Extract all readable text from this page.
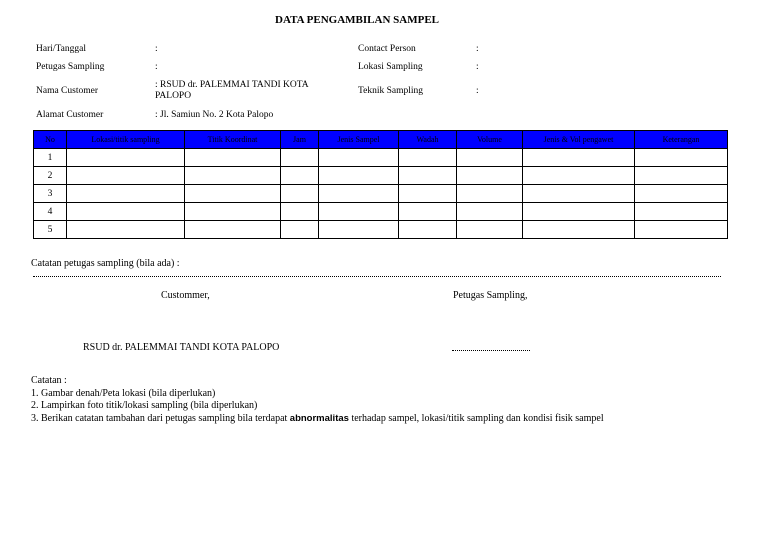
DATA PENGAMBILAN SAMPEL
Hari/Tanggal	:
Petugas Sampling	:
Nama Customer
: RSUD dr. PALEMMAI TANDI KOTA PALOPO
Alamat Customer	: Jl. Samiun No. 2 Kota Palopo
Contact Person	:
Lokasi Sampling	:
Teknik Sampling	:
No	Lokasi/titik sampling	Titik Koordinat	Jam	Jenis Sampel	Wadah	Volume	Jenis & Vol pengawet	Keterangan
1								
2								
3								
4								
5								
Catatan petugas sampling (bila ada) :
Custommer,	Petugas Sampling,
RSUD dr. PALEMMAI TANDI KOTA PALOPO
Catatan :
1. Gambar denah/Peta lokasi (bila diperlukan)
2. Lampirkan foto titik/lokasi sampling (bila diperlukan)
3. Berikan catatan tambahan dari petugas sampling bila terdapat abnormalitas terhadap sampel, lokasi/titik sampling dan kondisi fisik sampel
